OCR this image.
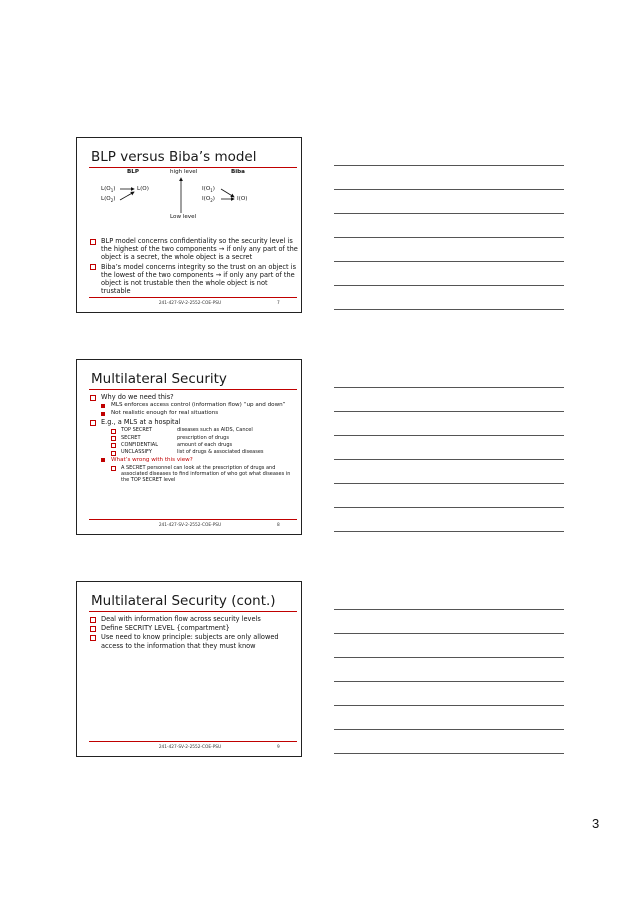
BLP versus Biba’s model
BLP	high level	Biba
$L(O_1)$
$L(O_2)$
L(O)	$I(O_1)$
$I(O_2)$	I(O)
Low level
BLP model concerns confidentiality so the security level is the highest of the two components → if only any part of the object is a secret, the whole object is a secret
Biba’s model concerns integrity so the trust on an object is the lowest of the two components → if only any part of the object is not trustable then the whole object is not trustable
241-427-SV-2-2552-COE-PSU	7
Multilateral Security
Why do we need this?
MLS enforces access control (information flow) “up and down”
Not realistic enough for real situations
E.g., a MLS at a hospital
TOP SECRET	diseases such as AIDS, Cancel
SECRET	prescription of drugs
CONFIDENTIAL	amount of each drugs
UNCLASSIFY	list of drugs & associated diseases
What’s wrong with this view?
A SECRET personnel can look at the prescription of drugs and associated diseases to find information of who got what diseases in the TOP SECRET level
241-427-SV-2-2552-COE-PSU	8
Multilateral Security (cont.)
Deal with information flow across security levels
Define SECRITY LEVEL {compartment}
Use need to know principle: subjects are only allowed access to the information that they must know
241-427-SV-2-2552-COE-PSU	9
3
